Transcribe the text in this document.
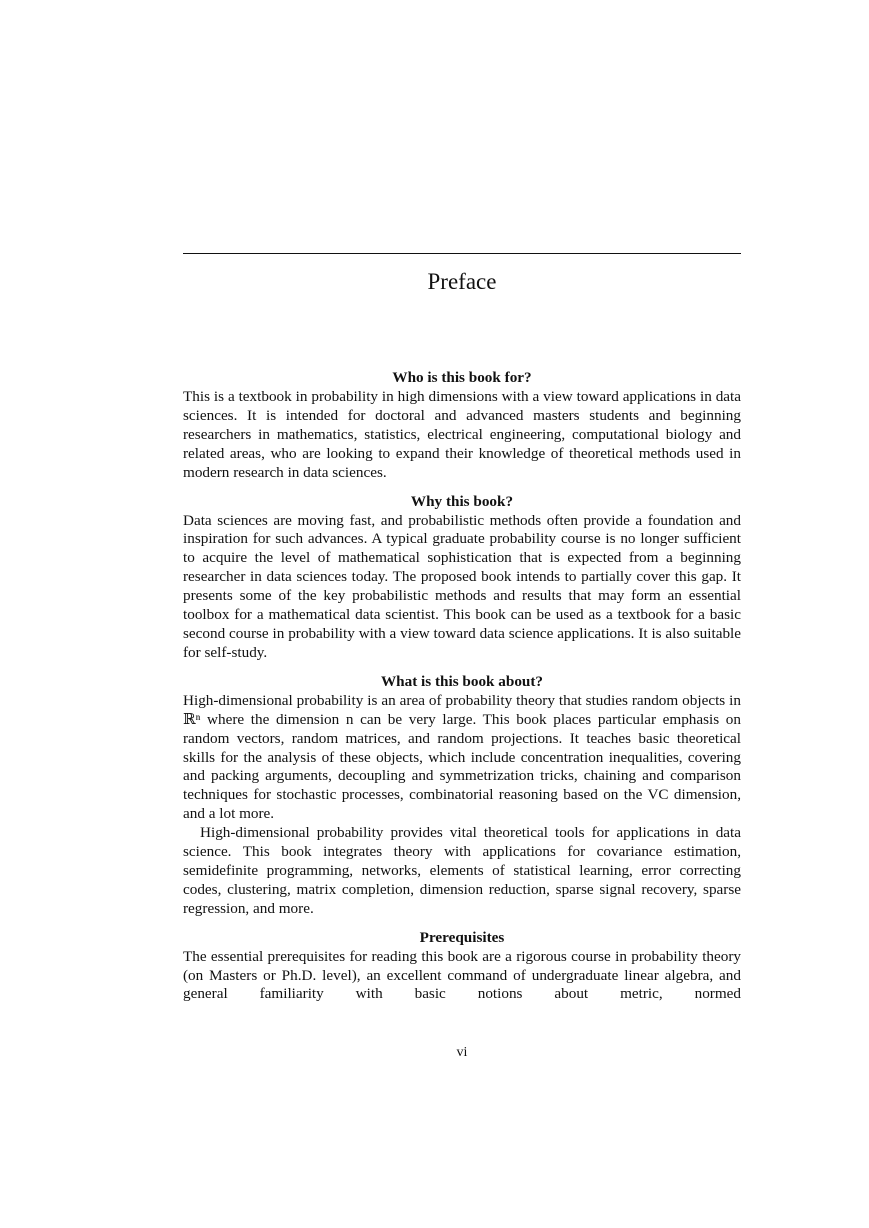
Preface
Who is this book for?

This is a textbook in probability in high dimensions with a view toward applications in data sciences. It is intended for doctoral and advanced masters students and beginning researchers in mathematics, statistics, electrical engineering, computational biology and related areas, who are looking to expand their knowledge of theoretical methods used in modern research in data sciences.

Why this book?

Data sciences are moving fast, and probabilistic methods often provide a foundation and inspiration for such advances. A typical graduate probability course is no longer sufficient to acquire the level of mathematical sophistication that is expected from a beginning researcher in data sciences today. The proposed book intends to partially cover this gap. It presents some of the key probabilistic methods and results that may form an essential toolbox for a mathematical data scientist. This book can be used as a textbook for a basic second course in probability with a view toward data science applications. It is also suitable for self-study.

What is this book about?

High-dimensional probability is an area of probability theory that studies random objects in ℝⁿ where the dimension n can be very large. This book places particular emphasis on random vectors, random matrices, and random projections. It teaches basic theoretical skills for the analysis of these objects, which include concentration inequalities, covering and packing arguments, decoupling and symmetrization tricks, chaining and comparison techniques for stochastic processes, combinatorial reasoning based on the VC dimension, and a lot more.

High-dimensional probability provides vital theoretical tools for applications in data science. This book integrates theory with applications for covariance estimation, semidefinite programming, networks, elements of statistical learning, error correcting codes, clustering, matrix completion, dimension reduction, sparse signal recovery, sparse regression, and more.

Prerequisites

The essential prerequisites for reading this book are a rigorous course in probability theory (on Masters or Ph.D. level), an excellent command of undergraduate linear algebra, and general familiarity with basic notions about metric, normed

vi
